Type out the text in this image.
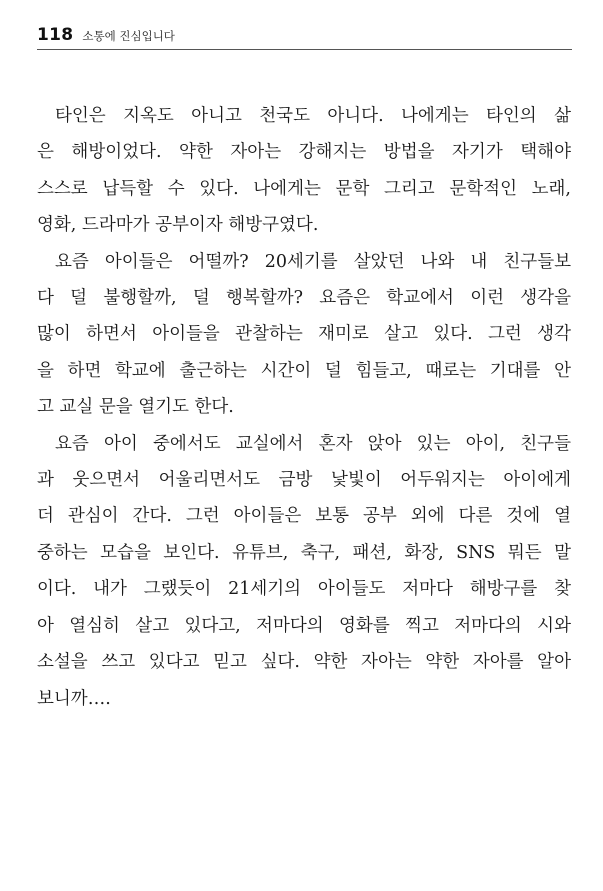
118 소통에 진심입니다
타인은 지옥도 아니고 천국도 아니다. 나에게는 타인의 삶
은 해방이었다. 약한 자아는 강해지는 방법을 자기가 택해야
스스로 납득할 수 있다. 나에게는 문학 그리고 문학적인 노래,
영화, 드라마가 공부이자 해방구였다.
요즘 아이들은 어떨까? 20세기를 살았던 나와 내 친구들보
다 덜 불행할까, 덜 행복할까? 요즘은 학교에서 이런 생각을
많이 하면서 아이들을 관찰하는 재미로 살고 있다. 그런 생각
을 하면 학교에 출근하는 시간이 덜 힘들고, 때로는 기대를 안
고 교실 문을 열기도 한다.
요즘 아이 중에서도 교실에서 혼자 앉아 있는 아이, 친구들
과 웃으면서 어울리면서도 금방 낯빛이 어두워지는 아이에게
더 관심이 간다. 그런 아이들은 보통 공부 외에 다른 것에 열
중하는 모습을 보인다. 유튜브, 축구, 패션, 화장, SNS 뭐든 말
이다. 내가 그랬듯이 21세기의 아이들도 저마다 해방구를 찾
아 열심히 살고 있다고, 저마다의 영화를 찍고 저마다의 시와
소설을 쓰고 있다고 믿고 싶다. 약한 자아는 약한 자아를 알아
보니까….
